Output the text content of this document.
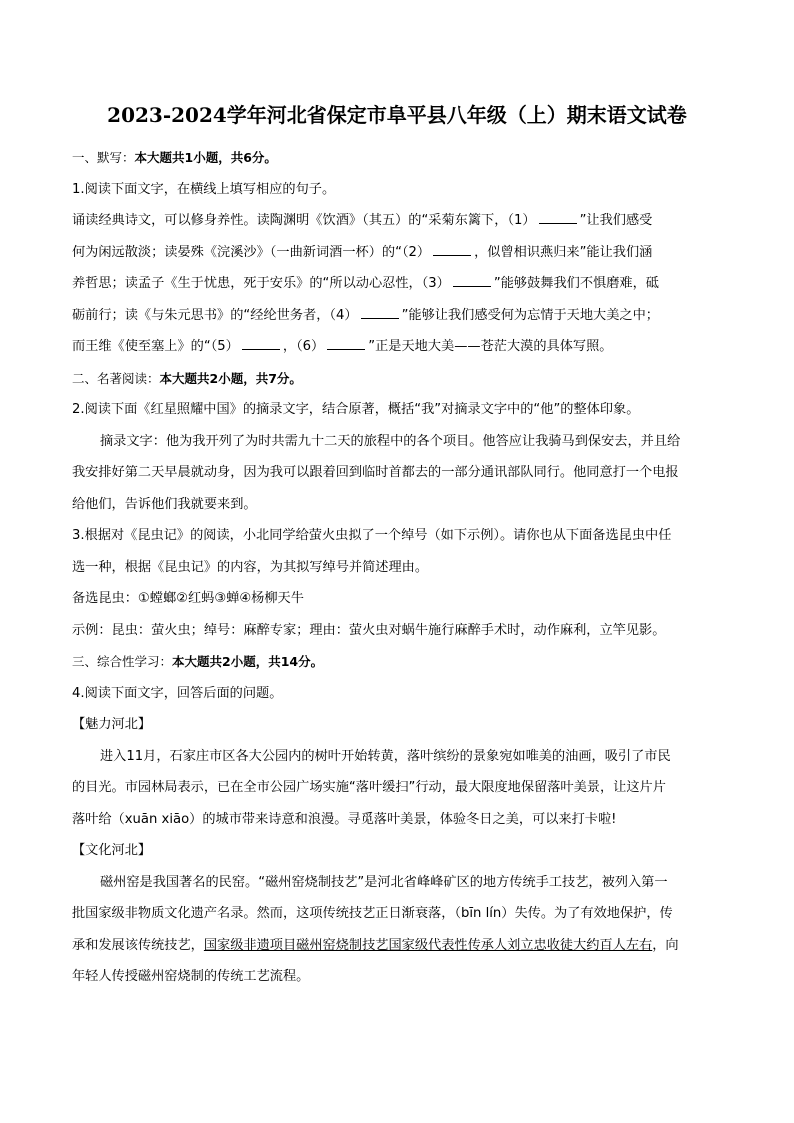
2023-2024学年河北省保定市阜平县八年级（上）期末语文试卷
一、默写：本大题共1小题，共6分。
1.阅读下面文字，在横线上填写相应的句子。
诵读经典诗文，可以修身养性。读陶渊明《饮酒》（其五）的“采菊东篱下，（1）	”让我们感受
何为闲远散淡；读晏殊《浣溪沙》（一曲新词酒一杯）的“（2）	，似曾相识燕归来”能让我们涵
养哲思；读孟子《生于忧患，死于安乐》的“所以动心忍性，（3）	”能够鼓舞我们不惧磨难，砥
砺前行；读《与朱元思书》的“经纶世务者，（4）	”能够让我们感受何为忘情于天地大美之中；
而王维《使至塞上》的“（5）	，（6）	”正是天地大美——苍茫大漠的具体写照。
二、名著阅读：本大题共2小题，共7分。
2.阅读下面《红星照耀中国》的摘录文字，结合原著，概括“我”对摘录文字中的“他”的整体印象。
摘录文字：他为我开列了为时共需九十二天的旅程中的各个项目。他答应让我骑马到保安去，并且给
我安排好第二天早晨就动身，因为我可以跟着回到临时首都去的一部分通讯部队同行。他同意打一个电报
给他们，告诉他们我就要来到。
3.根据对《昆虫记》的阅读，小北同学给萤火虫拟了一个绰号（如下示例）。请你也从下面备选昆虫中任
选一种，根据《昆虫记》的内容，为其拟写绰号并简述理由。
备选昆虫：①螳螂②红蚂③蝉④杨柳天牛
示例：昆虫：萤火虫；绰号：麻醉专家；理由：萤火虫对蜗牛施行麻醉手术时，动作麻利，立竿见影。
三、综合性学习：本大题共2小题，共14分。
4.阅读下面文字，回答后面的问题。
【魅力河北】
进入11月，石家庄市区各大公园内的树叶开始转黄，落叶缤纷的景象宛如唯美的油画，吸引了市民
的目光。市园林局表示，已在全市公园广场实施“落叶缓扫”行动，最大限度地保留落叶美景，让这片片
落叶给（xuān xiāo）的城市带来诗意和浪漫。寻觅落叶美景，体验冬日之美，可以来打卡啦!
【文化河北】
磁州窑是我国著名的民窑。“磁州窑烧制技艺”是河北省峰峰矿区的地方传统手工技艺，被列入第一
批国家级非物质文化遗产名录。然而，这项传统技艺正日渐衰落，（bīn lín）失传。为了有效地保护，传
承和发展该传统技艺，国家级非遗项目磁州窑烧制技艺国家级代表性传承人刘立忠收徒大约百人左右，向
年轻人传授磁州窑烧制的传统工艺流程。
